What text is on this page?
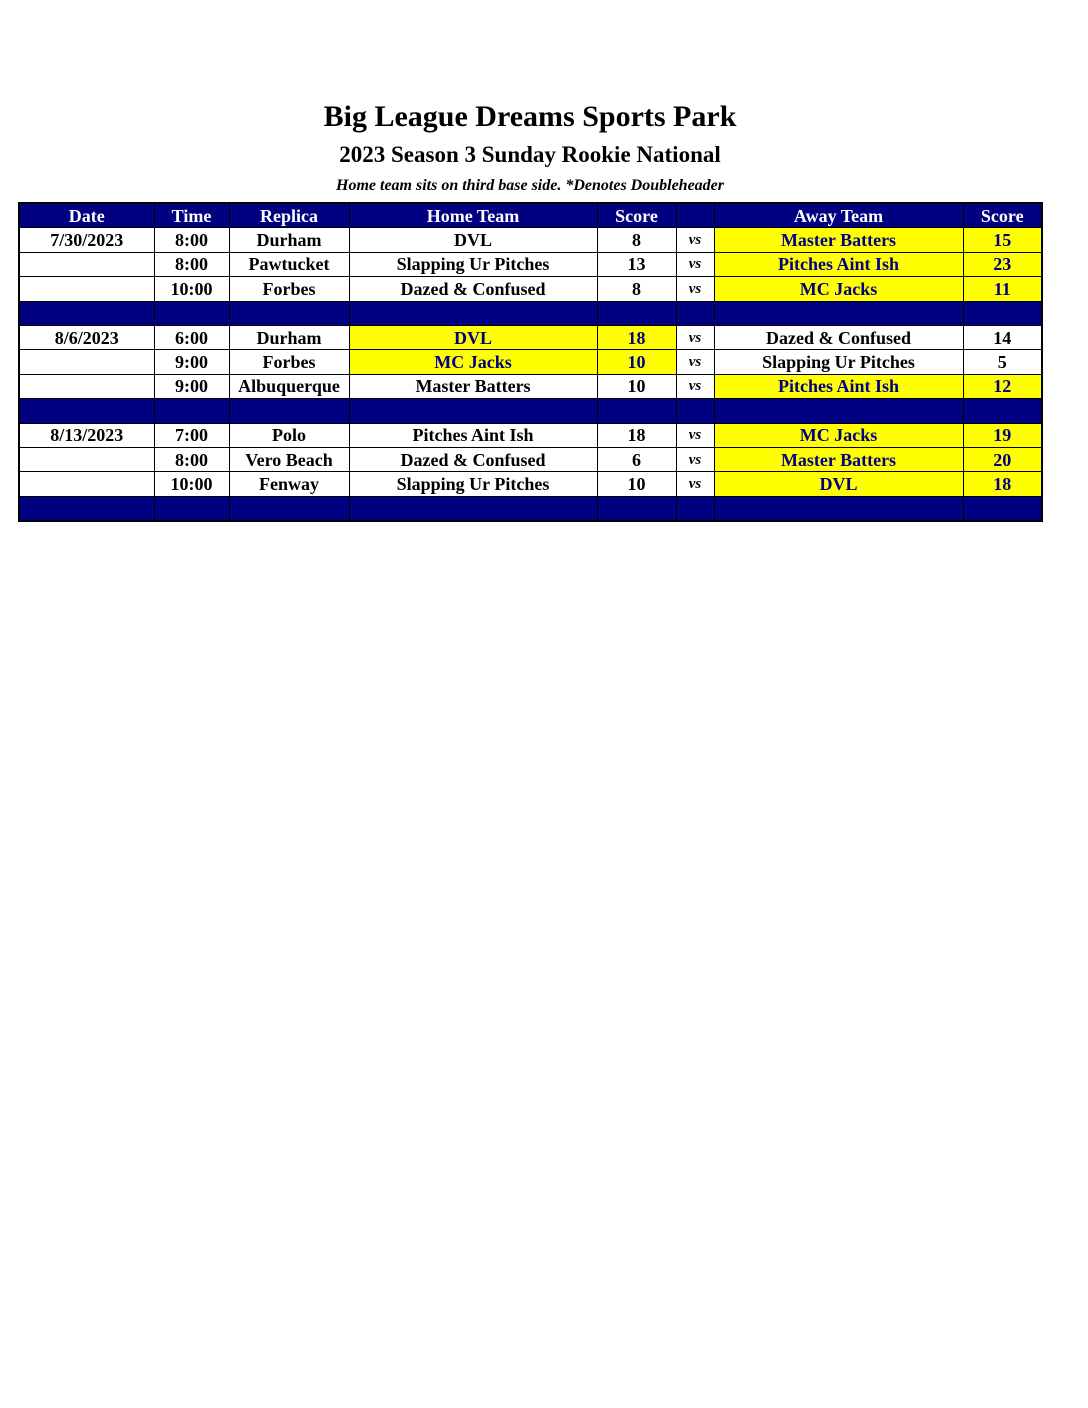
Big League Dreams Sports Park
2023 Season 3 Sunday Rookie National
Home team sits on third base side. *Denotes Doubleheader
Date	Time	Replica	Home Team	Score		Away Team	Score
7/30/2023	8:00	Durham	DVL	8	vs	Master Batters	15
	8:00	Pawtucket	Slapping Ur Pitches	13	vs	Pitches Aint Ish	23
	10:00	Forbes	Dazed & Confused	8	vs	MC Jacks	11

8/6/2023	6:00	Durham	DVL	18	vs	Dazed & Confused	14
	9:00	Forbes	MC Jacks	10	vs	Slapping Ur Pitches	5
	9:00	Albuquerque	Master Batters	10	vs	Pitches Aint Ish	12

8/13/2023	7:00	Polo	Pitches Aint Ish	18	vs	MC Jacks	19
	8:00	Vero Beach	Dazed & Confused	6	vs	Master Batters	20
	10:00	Fenway	Slapping Ur Pitches	10	vs	DVL	18
